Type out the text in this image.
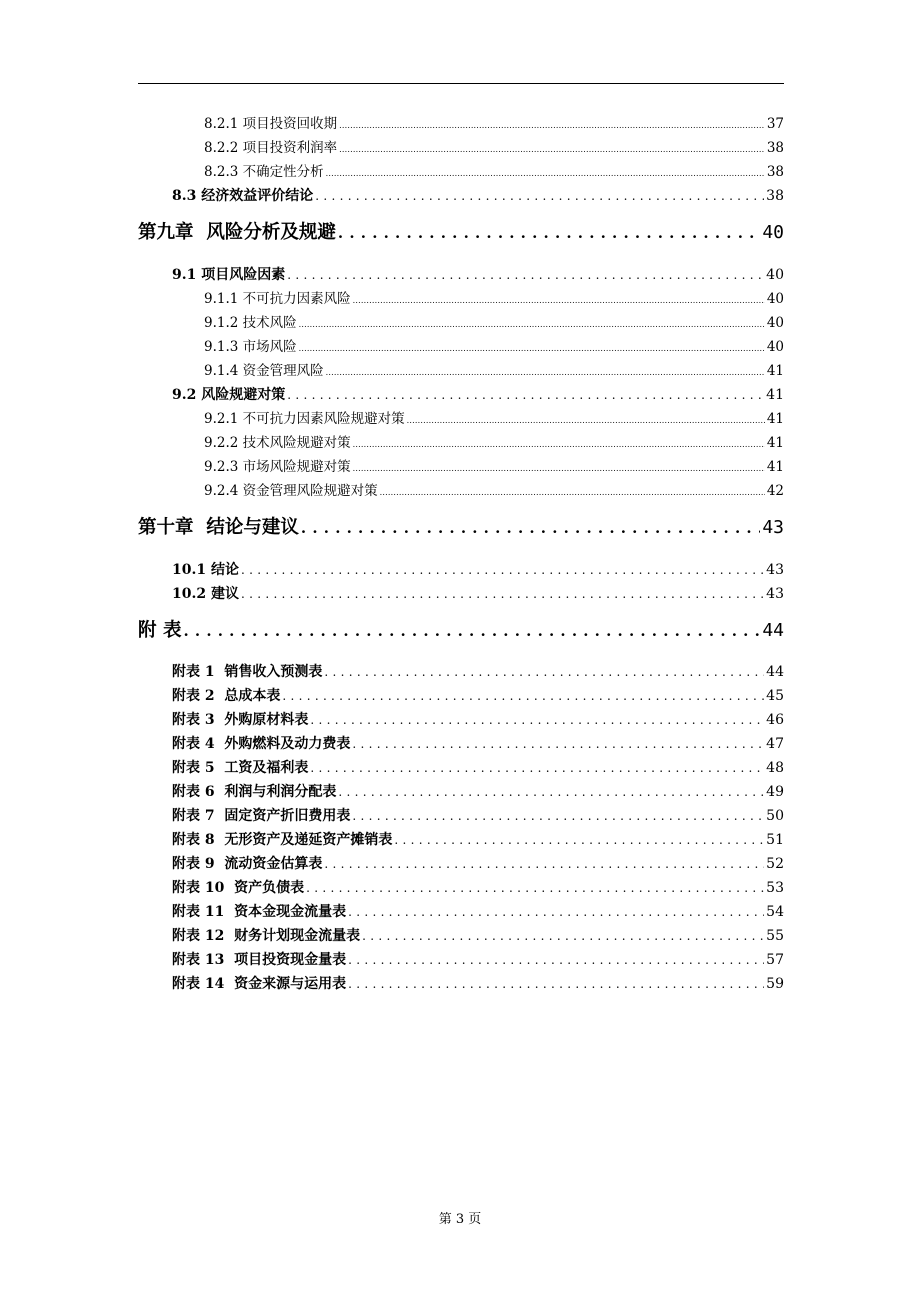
8.2.1 项目投资回收期 .....	37
8.2.2 项目投资利润率 .....	38
8.2.3 不确定性分析 .....	38
8.3 经济效益评价结论 .....	38
第九章 风险分析及规避 .....	40
9.1 项目风险因素 .....	40
9.1.1 不可抗力因素风险 .....	40
9.1.2 技术风险 .....	40
9.1.3 市场风险 .....	40
9.1.4 资金管理风险 .....	41
9.2 风险规避对策 .....	41
9.2.1 不可抗力因素风险规避对策 .....	41
9.2.2 技术风险规避对策 .....	41
9.2.3 市场风险规避对策 .....	41
9.2.4 资金管理风险规避对策 .....	42
第十章 结论与建议 .....	43
10.1 结论 .....	43
10.2 建议 .....	43
附 表 .....	44
附表 1 销售收入预测表 .....	44
附表 2 总成本表 .....	45
附表 3 外购原材料表 .....	46
附表 4 外购燃料及动力费表 .....	47
附表 5 工资及福利表 .....	48
附表 6 利润与利润分配表 .....	49
附表 7 固定资产折旧费用表 .....	50
附表 8 无形资产及递延资产摊销表 .....	51
附表 9 流动资金估算表 .....	52
附表 10 资产负债表 .....	53
附表 11 资本金现金流量表 .....	54
附表 12 财务计划现金流量表 .....	55
附表 13 项目投资现金量表 .....	57
附表 14 资金来源与运用表 .....	59
第 3 页
